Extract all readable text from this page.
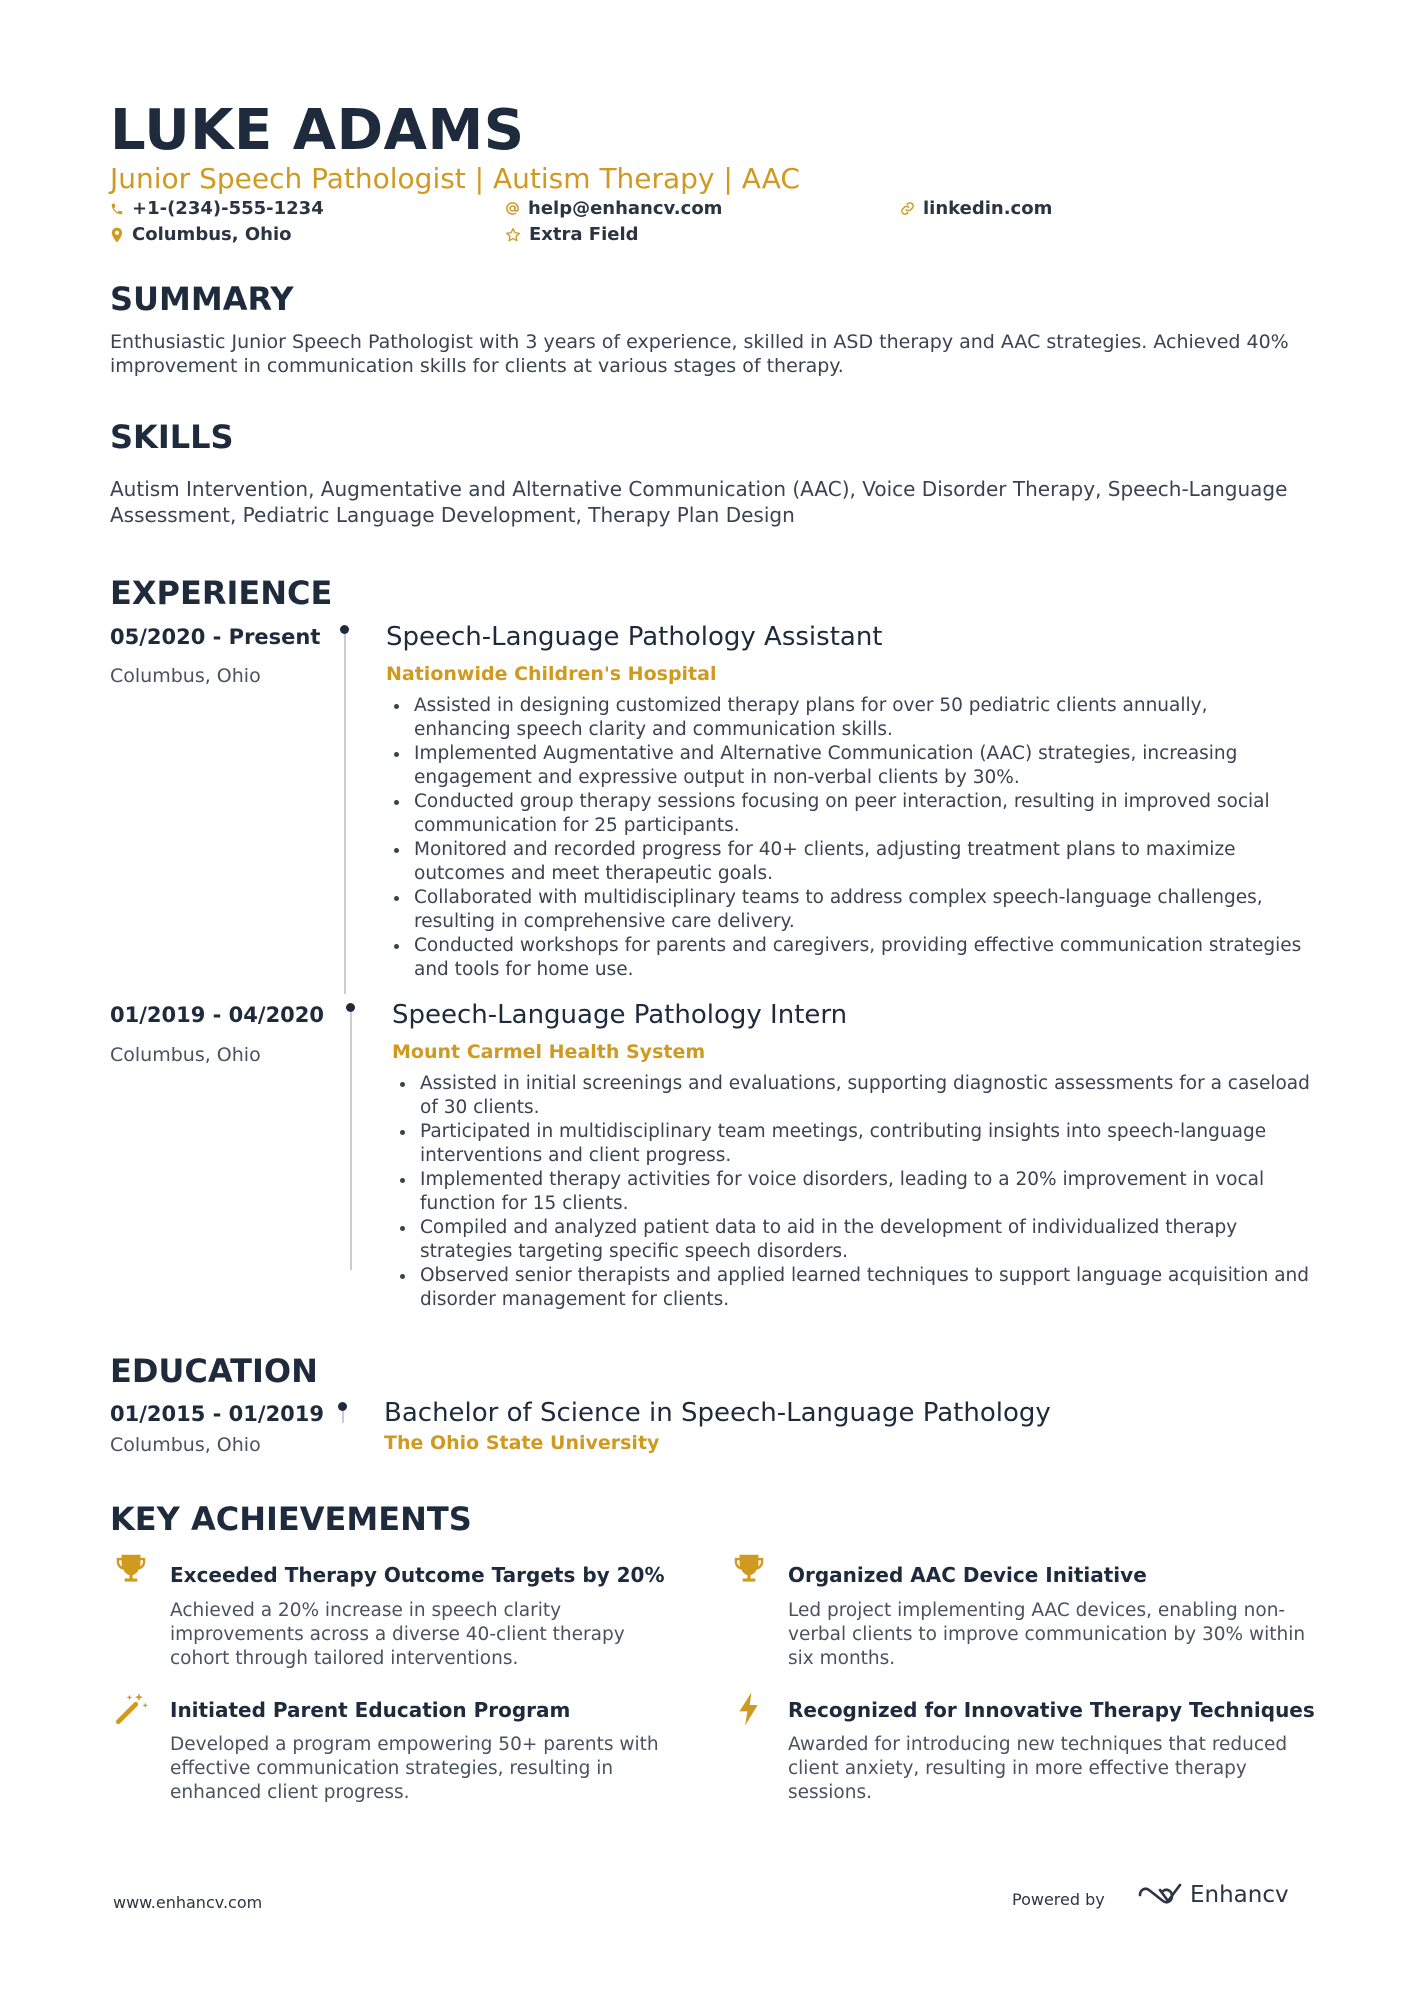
LUKE ADAMS
Junior Speech Pathologist | Autism Therapy | AAC
+1-(234)-555-1234	help@enhancv.com	linkedin.com
Columbus, Ohio	Extra Field
SUMMARY
Enthusiastic Junior Speech Pathologist with 3 years of experience, skilled in ASD therapy and AAC strategies. Achieved 40% improvement in communication skills for clients at various stages of therapy.
SKILLS
Autism Intervention, Augmentative and Alternative Communication (AAC), Voice Disorder Therapy, Speech-Language Assessment, Pediatric Language Development, Therapy Plan Design
EXPERIENCE
05/2020 - Present
Columbus, Ohio
Speech-Language Pathology Assistant
Nationwide Children's Hospital
Assisted in designing customized therapy plans for over 50 pediatric clients annually, enhancing speech clarity and communication skills.
Implemented Augmentative and Alternative Communication (AAC) strategies, increasing engagement and expressive output in non-verbal clients by 30%.
Conducted group therapy sessions focusing on peer interaction, resulting in improved social communication for 25 participants.
Monitored and recorded progress for 40+ clients, adjusting treatment plans to maximize outcomes and meet therapeutic goals.
Collaborated with multidisciplinary teams to address complex speech-language challenges, resulting in comprehensive care delivery.
Conducted workshops for parents and caregivers, providing effective communication strategies and tools for home use.
01/2019 - 04/2020
Columbus, Ohio
Speech-Language Pathology Intern
Mount Carmel Health System
Assisted in initial screenings and evaluations, supporting diagnostic assessments for a caseload of 30 clients.
Participated in multidisciplinary team meetings, contributing insights into speech-language interventions and client progress.
Implemented therapy activities for voice disorders, leading to a 20% improvement in vocal function for 15 clients.
Compiled and analyzed patient data to aid in the development of individualized therapy strategies targeting specific speech disorders.
Observed senior therapists and applied learned techniques to support language acquisition and disorder management for clients.
EDUCATION
01/2015 - 01/2019
Columbus, Ohio
Bachelor of Science in Speech-Language Pathology
The Ohio State University
KEY ACHIEVEMENTS
Exceeded Therapy Outcome Targets by 20%
Achieved a 20% increase in speech clarity improvements across a diverse 40-client therapy cohort through tailored interventions.
Organized AAC Device Initiative
Led project implementing AAC devices, enabling non-verbal clients to improve communication by 30% within six months.
Initiated Parent Education Program
Developed a program empowering 50+ parents with effective communication strategies, resulting in enhanced client progress.
Recognized for Innovative Therapy Techniques
Awarded for introducing new techniques that reduced client anxiety, resulting in more effective therapy sessions.
www.enhancv.com	Powered by	Enhancv
